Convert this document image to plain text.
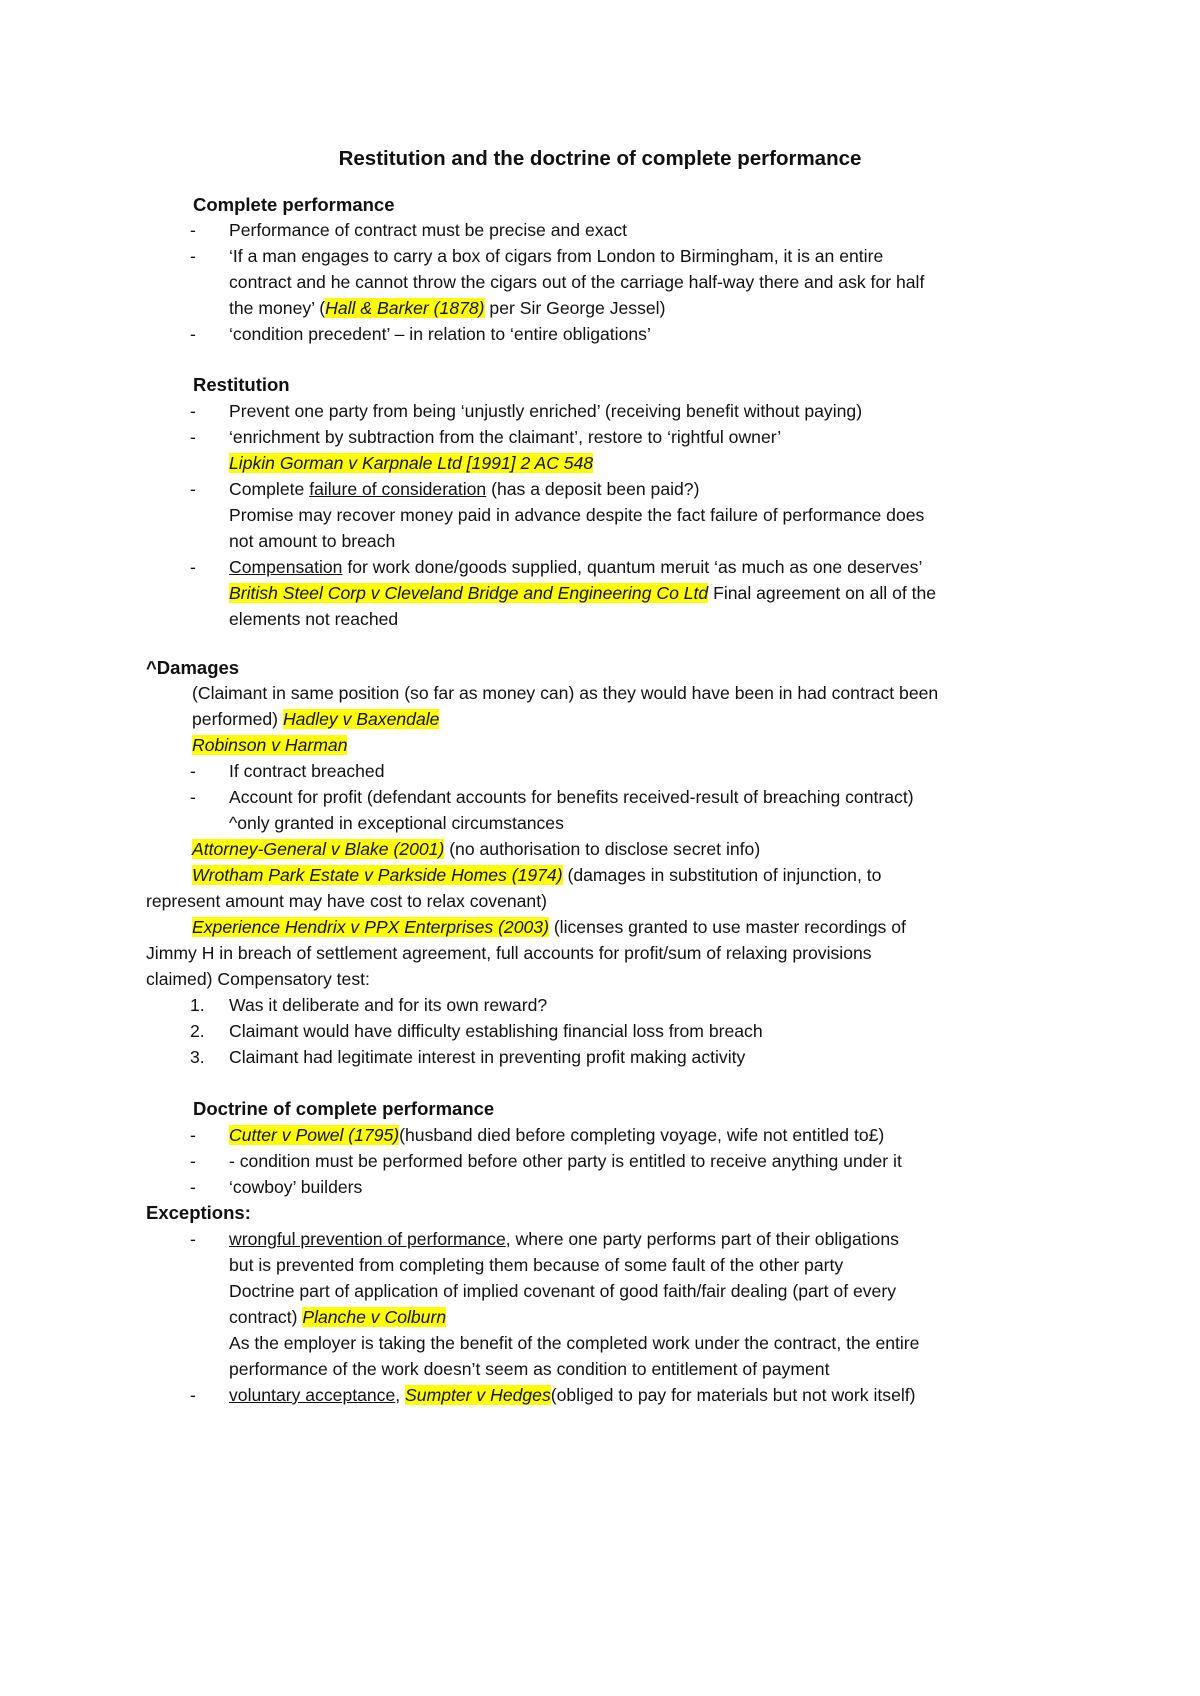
Restitution and the doctrine of complete performance
Complete performance
- Performance of contract must be precise and exact
- ‘If a man engages to carry a box of cigars from London to Birmingham, it is an entire
contract and he cannot throw the cigars out of the carriage half-way there and ask for half
the money’ (Hall & Barker (1878) per Sir George Jessel)
- ‘condition precedent’ – in relation to ‘entire obligations’
Restitution
- Prevent one party from being ‘unjustly enriched’ (receiving benefit without paying)
- ‘enrichment by subtraction from the claimant’, restore to ‘rightful owner’
Lipkin Gorman v Karpnale Ltd [1991] 2 AC 548
- Complete failure of consideration (has a deposit been paid?)
Promise may recover money paid in advance despite the fact failure of performance does
not amount to breach
- Compensation for work done/goods supplied, quantum meruit ‘as much as one deserves’
British Steel Corp v Cleveland Bridge and Engineering Co Ltd Final agreement on all of the
elements not reached
^Damages
(Claimant in same position (so far as money can) as they would have been in had contract been
performed) Hadley v Baxendale
Robinson v Harman
- If contract breached
- Account for profit (defendant accounts for benefits received-result of breaching contract)
^only granted in exceptional circumstances
Attorney-General v Blake (2001) (no authorisation to disclose secret info)
Wrotham Park Estate v Parkside Homes (1974) (damages in substitution of injunction, to
represent amount may have cost to relax covenant)
Experience Hendrix v PPX Enterprises (2003) (licenses granted to use master recordings of
Jimmy H in breach of settlement agreement, full accounts for profit/sum of relaxing provisions
claimed) Compensatory test:
1. Was it deliberate and for its own reward?
2. Claimant would have difficulty establishing financial loss from breach
3. Claimant had legitimate interest in preventing profit making activity
Doctrine of complete performance
- Cutter v Powel (1795)(husband died before completing voyage, wife not entitled to£)
- - condition must be performed before other party is entitled to receive anything under it
- ‘cowboy’ builders
Exceptions:
- wrongful prevention of performance, where one party performs part of their obligations
but is prevented from completing them because of some fault of the other party
Doctrine part of application of implied covenant of good faith/fair dealing (part of every
contract) Planche v Colburn
As the employer is taking the benefit of the completed work under the contract, the entire
performance of the work doesn’t seem as condition to entitlement of payment
- voluntary acceptance, Sumpter v Hedges(obliged to pay for materials but not work itself)
